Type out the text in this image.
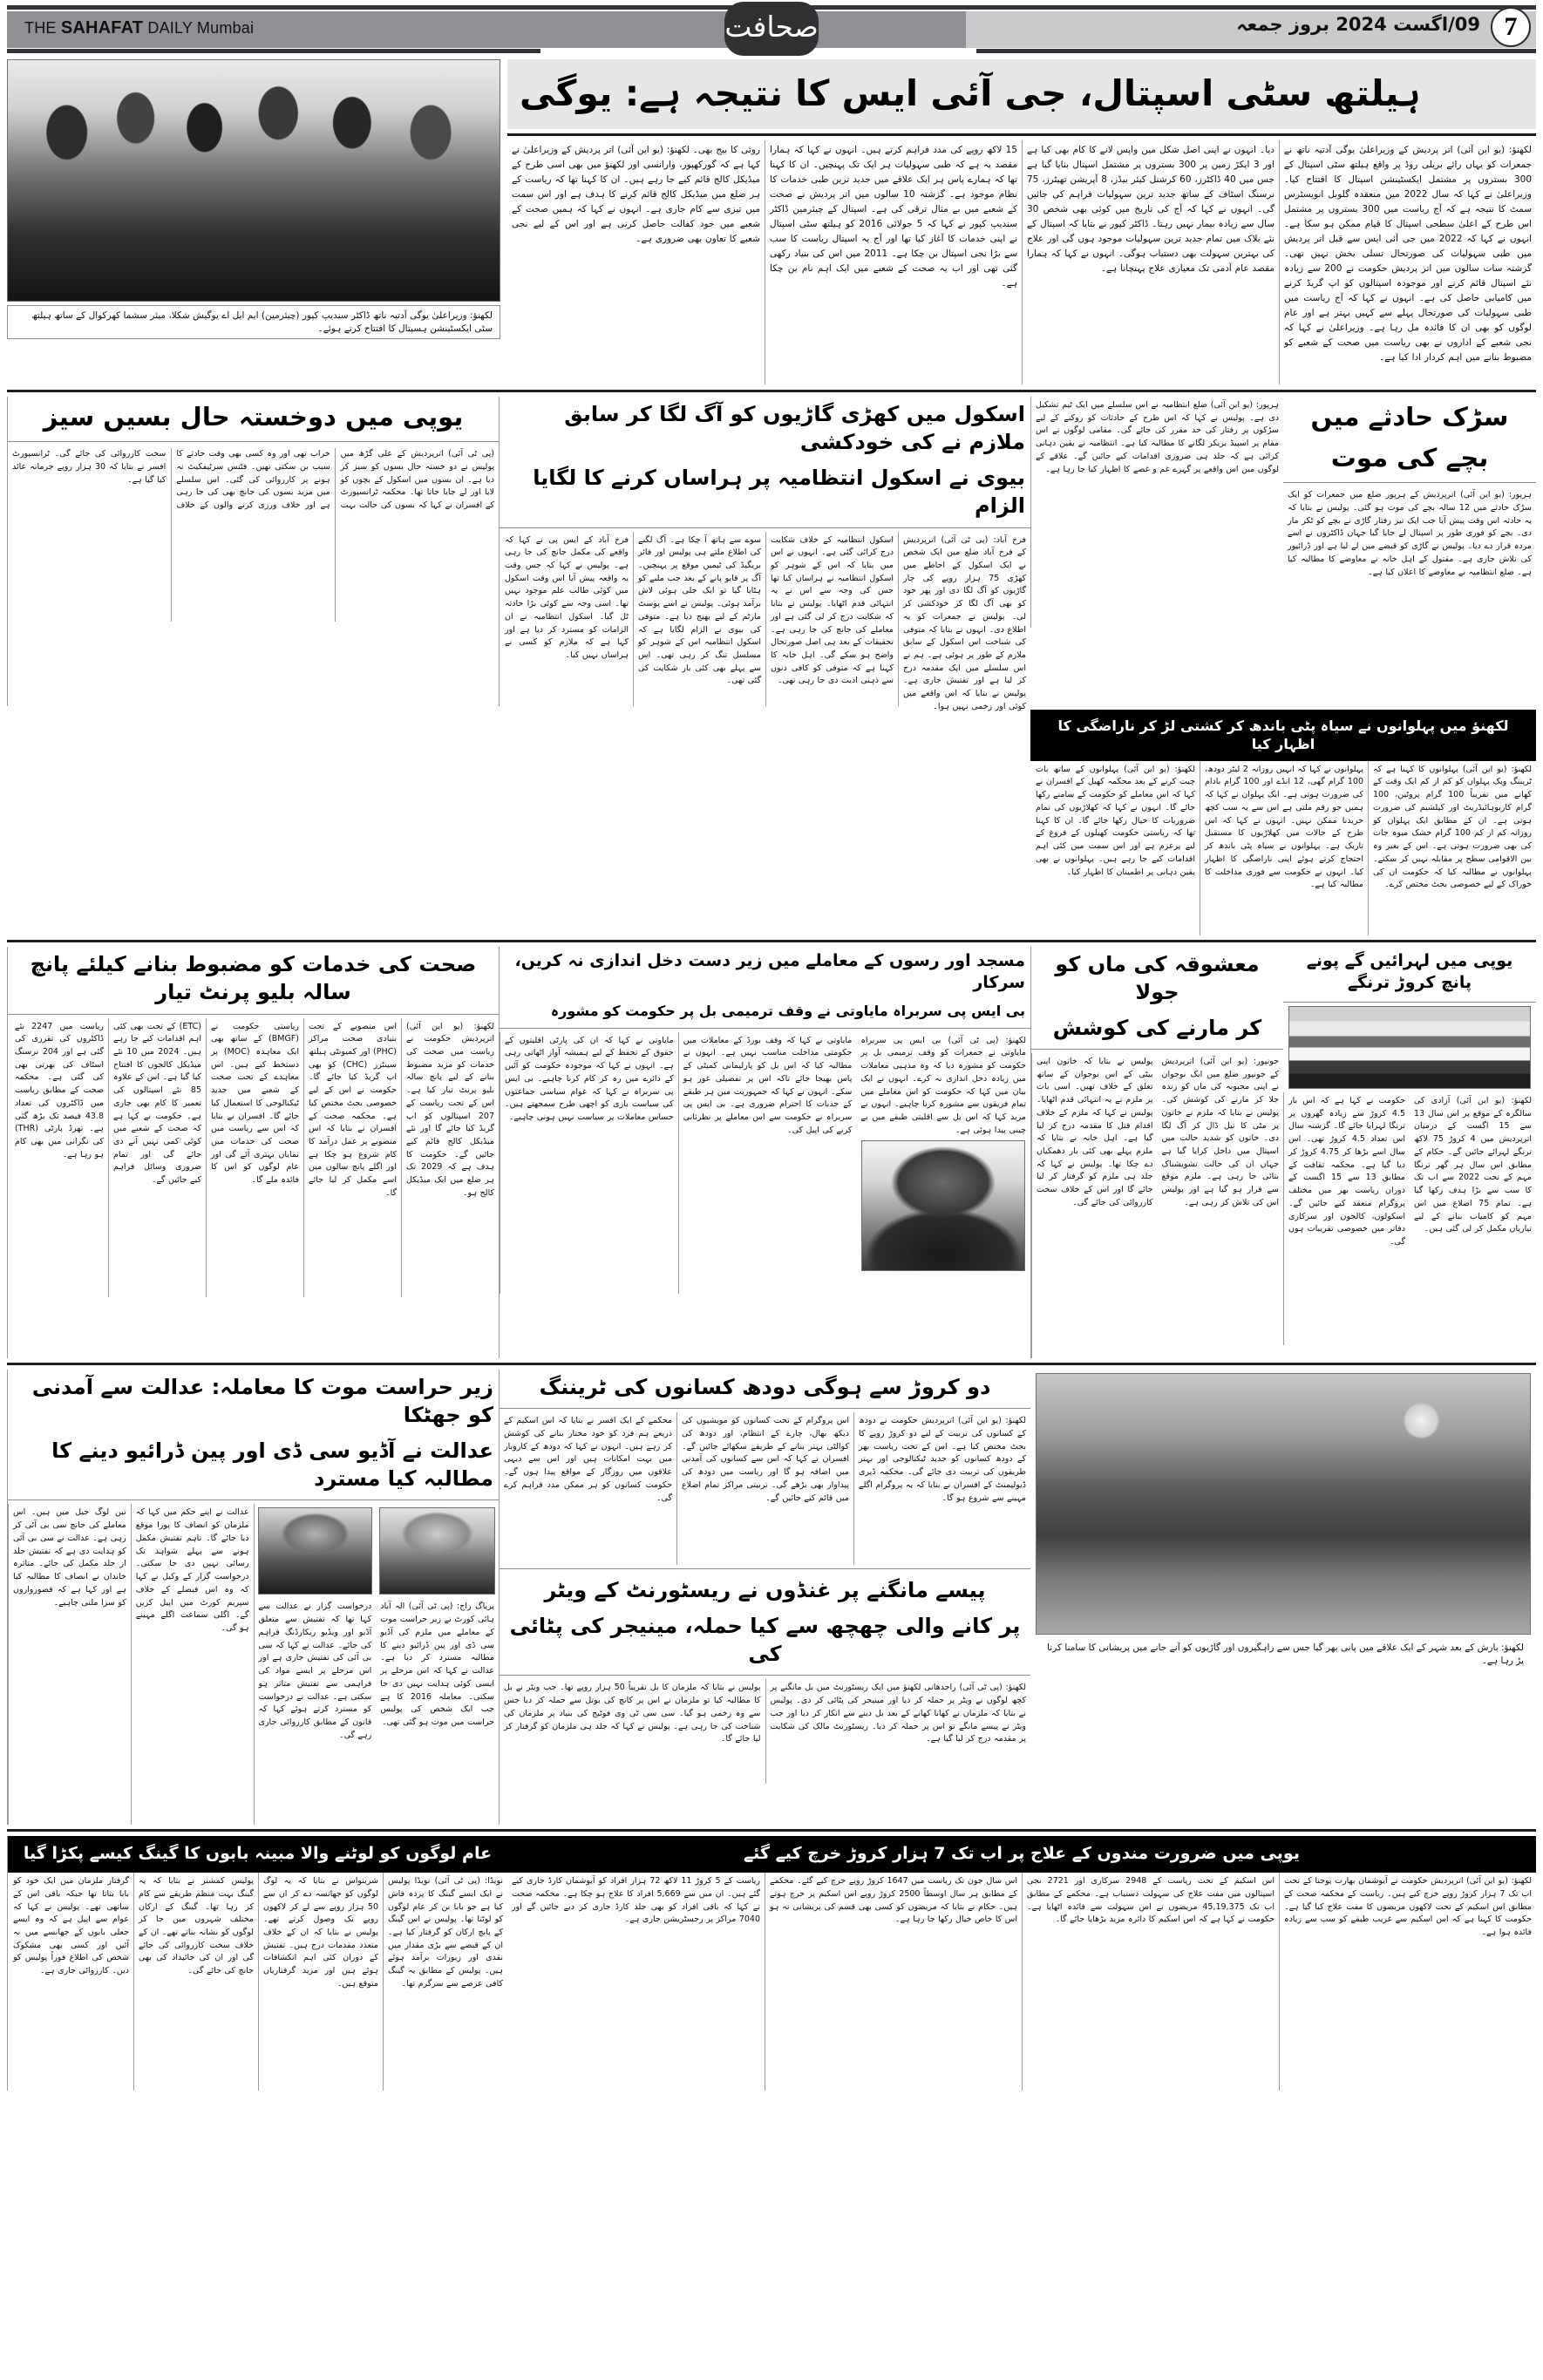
7
09/اگست 2024 بروز جمعہ
صحافت
THE SAHAFAT DAILY Mumbai
ہیلتھ سٹی اسپتال، جی آئی ایس کا نتیجہ ہے: یوگی
لکھنؤ: (یو این آئی) اتر پردیش کے وزیراعلیٰ یوگی آدتیہ ناتھ نے جمعرات کو یہاں رائے بریلی روڈ پر واقع ہیلتھ سٹی اسپتال کے 300 بستروں پر مشتمل ایکسٹینشن اسپتال کا افتتاح کیا۔ وزیراعلیٰ نے کہا کہ سال 2022 میں منعقدہ گلوبل انویسٹرس سمٹ کا نتیجہ ہے کہ آج ریاست میں 300 بستروں پر مشتمل اس طرح کے اعلیٰ سطحی اسپتال کا قیام ممکن ہو سکا ہے۔ انہوں نے کہا کہ 2022 میں جی آئی ایس سے قبل اتر پردیش میں طبی سہولیات کی صورتحال تسلی بخش نہیں تھی۔ گزشتہ سات سالوں میں اتر پردیش حکومت نے 200 سے زیادہ نئے اسپتال قائم کرنے اور موجودہ اسپتالوں کو اپ گریڈ کرنے میں کامیابی حاصل کی ہے۔ انہوں نے کہا کہ آج ریاست میں طبی سہولیات کی صورتحال پہلے سے کہیں بہتر ہے اور عام لوگوں کو بھی ان کا فائدہ مل رہا ہے۔ وزیراعلیٰ نے کہا کہ نجی شعبے کے اداروں نے بھی ریاست میں صحت کے شعبے کو مضبوط بنانے میں اہم کردار ادا کیا ہے۔
دیا۔ انہوں نے اپنی اصل شکل میں واپس لانے کا کام بھی کیا ہے اور 3 ایکڑ زمین پر 300 بستروں پر مشتمل اسپتال بنایا گیا ہے جس میں 40 ڈاکٹرز، 60 کرشنل کیئر بیڈز، 8 آپریشن تھیٹرز، 75 نرسنگ اسٹاف کے ساتھ جدید ترین سہولیات فراہم کی جائیں گی۔ انہوں نے کہا کہ آج کی تاریخ میں کوئی بھی شخص 30 سال سے زیادہ بیمار نہیں رہتا۔ ڈاکٹر کپور نے بتایا کہ اسپتال کے نئے بلاک میں تمام جدید ترین سہولیات موجود ہوں گی اور علاج کی بہترین سہولت بھی دستیاب ہوگی۔ انہوں نے کہا کہ ہمارا مقصد عام آدمی تک معیاری علاج پہنچانا ہے۔
15 لاکھ روپے کی مدد فراہم کرتے ہیں۔ انہوں نے کہا کہ ہمارا مقصد یہ ہے کہ طبی سہولیات ہر ایک تک پہنچیں۔ ان کا کہنا تھا کہ ہمارے پاس ہر ایک علاقے میں جدید ترین طبی خدمات کا نظام موجود ہے۔ گزشتہ 10 سالوں میں اتر پردیش نے صحت کے شعبے میں بے مثال ترقی کی ہے۔ اسپتال کے چیئرمین ڈاکٹر سندیپ کپور نے کہا کہ 5 جولائی 2016 کو ہیلتھ سٹی اسپتال نے اپنی خدمات کا آغاز کیا تھا اور آج یہ اسپتال ریاست کا سب سے بڑا نجی اسپتال بن چکا ہے۔ 2011 میں اس کی بنیاد رکھی گئی تھی اور اب یہ صحت کے شعبے میں ایک اہم نام بن چکا ہے۔
روئی کا بیج بھی۔ لکھنؤ: (یو این آئی) اتر پردیش کے وزیراعلیٰ نے کہا ہے کہ گورکھپور، وارانسی اور لکھنؤ میں بھی اسی طرح کے میڈیکل کالج قائم کیے جا رہے ہیں۔ ان کا کہنا تھا کہ ریاست کے ہر ضلع میں میڈیکل کالج قائم کرنے کا ہدف ہے اور اس سمت میں تیزی سے کام جاری ہے۔ انہوں نے کہا کہ ہمیں صحت کے شعبے میں خود کفالت حاصل کرنی ہے اور اس کے لیے نجی شعبے کا تعاون بھی ضروری ہے۔
لکھنؤ: وزیراعلیٰ یوگی آدتیہ ناتھ ڈاکٹر سندیپ کپور (چیئرمین) ایم ایل اے یوگیش شکلا، میئر سشما کھرکوال کے ساتھ ہیلتھ سٹی ایکسٹینشن ہسپتال کا افتتاح کرتے ہوئے۔
سڑک حادثے میں
بچے کی موت
ہرپور: (یو این آئی) اترپردیش کے ہرپور ضلع میں جمعرات کو ایک سڑک حادثے میں 12 سالہ بچے کی موت ہو گئی۔ پولیس نے بتایا کہ یہ حادثہ اس وقت پیش آیا جب ایک تیز رفتار گاڑی نے بچے کو ٹکر مار دی۔ بچے کو فوری طور پر اسپتال لے جایا گیا جہاں ڈاکٹروں نے اسے مردہ قرار دے دیا۔ پولیس نے گاڑی کو قبضے میں لے لیا ہے اور ڈرائیور کی تلاش جاری ہے۔ مقتول کے اہل خانہ نے معاوضے کا مطالبہ کیا ہے۔ ضلع انتظامیہ نے معاوضے کا اعلان کیا ہے۔
ہرپور: (یو این آئی) ضلع انتظامیہ نے اس سلسلے میں ایک ٹیم تشکیل دی ہے۔ پولیس نے کہا کہ اس طرح کے حادثات کو روکنے کے لیے سڑکوں پر رفتار کی حد مقرر کی جائے گی۔ مقامی لوگوں نے اس مقام پر اسپیڈ بریکر لگانے کا مطالبہ کیا ہے۔ انتظامیہ نے یقین دہانی کرائی ہے کہ جلد ہی ضروری اقدامات کیے جائیں گے۔ علاقے کے لوگوں میں اس واقعے پر گہرے غم و غصے کا اظہار کیا جا رہا ہے۔
اسکول میں کھڑی گاڑیوں کو آگ لگا کر سابق ملازم نے کی خودکشی
بیوی نے اسکول انتظامیہ پر ہراساں کرنے کا لگایا الزام
فرخ آباد: (پی ٹی آئی) اترپردیش کے فرخ آباد ضلع میں ایک شخص نے ایک اسکول کے احاطے میں کھڑی 75 ہزار روپے کی چار گاڑیوں کو آگ لگا دی اور پھر خود کو بھی آگ لگا کر خودکشی کر لی۔ پولیس نے جمعرات کو یہ اطلاع دی۔ انہوں نے بتایا کہ متوفی کی شناخت اس اسکول کے سابق ملازم کے طور پر ہوئی ہے۔ ہم نے اس سلسلے میں ایک مقدمہ درج کر لیا ہے اور تفتیش جاری ہے۔ پولیس نے بتایا کہ اس واقعے میں کوئی اور زخمی نہیں ہوا۔
اسکول انتظامیہ کے خلاف شکایت درج کرائی گئی ہے۔ انہوں نے اس میں بتایا کہ اس کے شوہر کو اسکول انتظامیہ نے ہراساں کیا تھا جس کی وجہ سے اس نے یہ انتہائی قدم اٹھایا۔ پولیس نے بتایا کہ شکایت درج کر لی گئی ہے اور معاملے کی جانچ کی جا رہی ہے۔ تحقیقات کے بعد ہی اصل صورتحال واضح ہو سکے گی۔ اہل خانہ کا کہنا ہے کہ متوفی کو کافی دنوں سے ذہنی اذیت دی جا رہی تھی۔
سوے سے ہاتھ آ چکا ہے۔ آگ لگنے کی اطلاع ملتے ہی پولیس اور فائر بریگیڈ کی ٹیمیں موقع پر پہنچیں۔ آگ پر قابو پانے کے بعد جب ملبے کو ہٹایا گیا تو ایک جلی ہوئی لاش برآمد ہوئی۔ پولیس نے اسے پوسٹ مارٹم کے لیے بھیج دیا ہے۔ متوفی کی بیوی نے الزام لگایا ہے کہ اسکول انتظامیہ اس کے شوہر کو مسلسل تنگ کر رہی تھی۔ اس سے پہلے بھی کئی بار شکایت کی گئی تھی۔
فرخ آباد کے ایس پی نے کہا کہ واقعے کی مکمل جانچ کی جا رہی ہے۔ پولیس نے کہا کہ جس وقت یہ واقعہ پیش آیا اس وقت اسکول میں کوئی طالب علم موجود نہیں تھا۔ اسی وجہ سے کوئی بڑا حادثہ ٹل گیا۔ اسکول انتظامیہ نے ان الزامات کو مسترد کر دیا ہے اور کہا ہے کہ ملازم کو کسی نے ہراساں نہیں کیا۔
یوپی میں دوخستہ حال بسیں سیز
(پی ٹی آئی) اترپردیش کے علی گڑھ میں پولیس نے دو خستہ حال بسوں کو سیز کر دیا ہے۔ ان بسوں میں اسکول کے بچوں کو لایا اور لے جایا جاتا تھا۔ محکمہ ٹرانسپورٹ کے افسران نے کہا کہ بسوں کی حالت بہت خراب تھی اور وہ کسی بھی وقت حادثے کا سبب بن سکتی تھیں۔ فٹنس سرٹیفکیٹ نہ ہونے پر کارروائی کی گئی۔ اس سلسلے میں مزید بسوں کی جانچ بھی کی جا رہی ہے اور خلاف ورزی کرنے والوں کے خلاف سخت کارروائی کی جائے گی۔ ٹرانسپورٹ افسر نے بتایا کہ 30 ہزار روپے جرمانہ عائد کیا گیا ہے۔
لکھنؤ میں پہلوانوں نے سیاہ پٹی باندھ کر کشتی لڑ کر ناراضگی کا اظہار کیا
لکھنؤ: (یو این آئی) پہلوانوں کا کہنا ہے کہ ٹریننگ ویک پہلوان کو کم از کم ایک وقت کے کھانے میں تقریباً 100 گرام پروٹین، 100 گرام کاربوہائیڈریٹ اور کیلشیم کی ضرورت ہوتی ہے۔ ان کے مطابق ایک پہلوان کو روزانہ کم از کم 100 گرام خشک میوہ جات کی بھی ضرورت ہوتی ہے۔ اس کے بغیر وہ بین الاقوامی سطح پر مقابلہ نہیں کر سکتے۔ پہلوانوں نے مطالبہ کیا کہ حکومت ان کی خوراک کے لیے خصوصی بجٹ مختص کرے۔
پہلوانوں نے کہا کہ انہیں روزانہ 2 لیٹر دودھ، 100 گرام گھی، 12 انڈے اور 100 گرام بادام کی ضرورت ہوتی ہے۔ ایک پہلوان نے کہا کہ ہمیں جو رقم ملتی ہے اس سے یہ سب کچھ خریدنا ممکن نہیں۔ انہوں نے کہا کہ اس طرح کے حالات میں کھلاڑیوں کا مستقبل تاریک ہے۔ پہلوانوں نے سیاہ پٹی باندھ کر احتجاج کرتے ہوئے اپنی ناراضگی کا اظہار کیا۔ انہوں نے حکومت سے فوری مداخلت کا مطالبہ کیا ہے۔
لکھنؤ: (یو این آئی) پہلوانوں کے ساتھ بات چیت کرنے کے بعد محکمہ کھیل کے افسران نے کہا کہ اس معاملے کو حکومت کے سامنے رکھا جائے گا۔ انہوں نے کہا کہ کھلاڑیوں کی تمام ضروریات کا خیال رکھا جائے گا۔ ان کا کہنا تھا کہ ریاستی حکومت کھیلوں کے فروغ کے لیے پرعزم ہے اور اس سمت میں کئی اہم اقدامات کیے جا رہے ہیں۔ پہلوانوں نے بھی یقین دہانی پر اطمینان کا اظہار کیا۔
یوپی میں لہرائیں گے پونے پانچ کروڑ ترنگے
لکھنؤ: (یو این آئی) آزادی کی سالگرہ کے موقع پر اس سال 13 سے 15 اگست کے درمیان اترپردیش میں 4 کروڑ 75 لاکھ ترنگے لہرائے جائیں گے۔ حکام کے مطابق اس سال ہر گھر ترنگا مہم کے تحت 2022 سے اب تک کا سب سے بڑا ہدف رکھا گیا ہے۔ تمام 75 اضلاع میں اس مہم کو کامیاب بنانے کے لیے تیاریاں مکمل کر لی گئی ہیں۔
حکومت نے کہا ہے کہ اس بار 4.5 کروڑ سے زیادہ گھروں پر ترنگا لہرایا جائے گا۔ گزشتہ سال اس تعداد 4.5 کروڑ تھی۔ اس سال اسے بڑھا کر 4.75 کروڑ کر دیا گیا ہے۔ محکمہ ثقافت کے مطابق 13 سے 15 اگست کے دوران ریاست بھر میں مختلف پروگرام منعقد کیے جائیں گے۔ اسکولوں، کالجوں اور سرکاری دفاتر میں خصوصی تقریبات ہوں گی۔
معشوقہ کی ماں کو جولا
کر مارنے کی کوشش
جونپور: (یو این آئی) اترپردیش کے جونپور ضلع میں ایک نوجوان نے اپنی محبوبہ کی ماں کو زندہ جلا کر مارنے کی کوشش کی۔ پولیس نے بتایا کہ ملزم نے خاتون پر مٹی کا تیل ڈال کر آگ لگا دی۔ خاتون کو شدید حالت میں اسپتال میں داخل کرایا گیا ہے جہاں ان کی حالت تشویشناک بتائی جا رہی ہے۔ ملزم موقع سے فرار ہو گیا ہے اور پولیس اس کی تلاش کر رہی ہے۔
پولیس نے بتایا کہ خاتون اپنی بیٹی کے اس نوجوان کے ساتھ تعلق کے خلاف تھیں۔ اسی بات پر ملزم نے یہ انتہائی قدم اٹھایا۔ پولیس نے کہا کہ ملزم کے خلاف اقدام قتل کا مقدمہ درج کر لیا گیا ہے۔ اہل خانہ نے بتایا کہ ملزم پہلے بھی کئی بار دھمکیاں دے چکا تھا۔ پولیس نے کہا کہ جلد ہی ملزم کو گرفتار کر لیا جائے گا اور اس کے خلاف سخت کارروائی کی جائے گی۔
مسجد اور رسوں کے معاملے میں زیر دست دخل اندازی نہ کریں، سرکار
بی ایس پی سربراہ مایاوتی نے وقف ترمیمی بل پر حکومت کو مشورہ
لکھنؤ: (پی ٹی آئی) بی ایس پی سربراہ مایاوتی نے جمعرات کو وقف ترمیمی بل پر حکومت کو مشورہ دیا کہ وہ مذہبی معاملات میں زیادہ دخل اندازی نہ کرے۔ انہوں نے ایک بیان میں کہا کہ حکومت کو اس معاملے میں تمام فریقوں سے مشورہ کرنا چاہیے۔ انہوں نے مزید کہا کہ اس بل سے اقلیتی طبقے میں بے چینی پیدا ہوئی ہے۔
مایاوتی نے کہا کہ وقف بورڈ کے معاملات میں حکومتی مداخلت مناسب نہیں ہے۔ انہوں نے مطالبہ کیا کہ اس بل کو پارلیمانی کمیٹی کے پاس بھیجا جائے تاکہ اس پر تفصیلی غور ہو سکے۔ انہوں نے کہا کہ جمہوریت میں ہر طبقے کے جذبات کا احترام ضروری ہے۔ بی ایس پی سربراہ نے حکومت سے اس معاملے پر نظرثانی کرنے کی اپیل کی۔
مایاوتی نے کہا کہ ان کی پارٹی اقلیتوں کے حقوق کے تحفظ کے لیے ہمیشہ آواز اٹھاتی رہی ہے۔ انہوں نے کہا کہ موجودہ حکومت کو آئین کے دائرے میں رہ کر کام کرنا چاہیے۔ بی ایس پی سربراہ نے کہا کہ عوام سیاسی جماعتوں کی سیاست بازی کو اچھی طرح سمجھتے ہیں۔ حساس معاملات پر سیاست نہیں ہونی چاہیے۔
صحت کی خدمات کو مضبوط بنانے کیلئے پانچ سالہ بلیو پرنٹ تیار
لکھنؤ: (یو این آئی) اترپردیش حکومت نے ریاست میں صحت کی خدمات کو مزید مضبوط بنانے کے لیے پانچ سالہ بلیو پرنٹ تیار کیا ہے۔ اس کے تحت ریاست کے 207 اسپتالوں کو اپ گریڈ کیا جائے گا اور نئے میڈیکل کالج قائم کیے جائیں گے۔ حکومت کا ہدف ہے کہ 2029 تک ہر ضلع میں ایک میڈیکل کالج ہو۔
اس منصوبے کے تحت بنیادی صحت مراکز (PHC) اور کمیونٹی ہیلتھ سینٹرز (CHC) کو بھی اپ گریڈ کیا جائے گا۔ حکومت نے اس کے لیے خصوصی بجٹ مختص کیا ہے۔ محکمہ صحت کے افسران نے بتایا کہ اس منصوبے پر عمل درآمد کا کام شروع ہو چکا ہے اور اگلے پانچ سالوں میں اسے مکمل کر لیا جائے گا۔
ریاستی حکومت نے (BMGF) کے ساتھ بھی ایک معاہدہ (MOC) پر دستخط کیے ہیں۔ اس معاہدے کے تحت صحت کے شعبے میں جدید ٹیکنالوجی کا استعمال کیا جائے گا۔ افسران نے بتایا کہ اس سے ریاست میں صحت کی خدمات میں نمایاں بہتری آئے گی اور عام لوگوں کو اس کا فائدہ ملے گا۔
(ETC) کے تحت بھی کئی اہم اقدامات کیے جا رہے ہیں۔ 2024 میں 10 نئے میڈیکل کالجوں کا افتتاح کیا گیا ہے۔ اس کے علاوہ 85 نئے اسپتالوں کی تعمیر کا کام بھی جاری ہے۔ حکومت نے کہا ہے کہ صحت کے شعبے میں کوئی کمی نہیں آنے دی جائے گی اور تمام ضروری وسائل فراہم کیے جائیں گے۔
ریاست میں 2247 نئے ڈاکٹروں کی تقرری کی گئی ہے اور 204 نرسنگ اسٹاف کی بھرتی بھی کی گئی ہے۔ محکمہ صحت کے مطابق ریاست میں ڈاکٹروں کی تعداد 43.8 فیصد تک بڑھ گئی ہے۔ تھرڈ پارٹی (THR) کی نگرانی میں بھی کام ہو رہا ہے۔
لکھنؤ: بارش کے بعد شہر کے ایک علاقے میں پانی بھر گیا جس سے راہگیروں اور گاڑیوں کو آنے جانے میں پریشانی کا سامنا کرنا پڑ رہا ہے۔
دو کروڑ سے ہوگی دودھ کسانوں کی ٹریننگ
لکھنؤ: (یو این آئی) اترپردیش حکومت نے دودھ کے کسانوں کی تربیت کے لیے دو کروڑ روپے کا بجٹ مختص کیا ہے۔ اس کے تحت ریاست بھر کے دودھ کسانوں کو جدید ٹیکنالوجی اور بہتر طریقوں کی تربیت دی جائے گی۔ محکمہ ڈیری ڈیولپمنٹ کے افسران نے بتایا کہ یہ پروگرام اگلے مہینے سے شروع ہو گا۔
اس پروگرام کے تحت کسانوں کو مویشیوں کی دیکھ بھال، چارے کے انتظام، اور دودھ کی کوالٹی بہتر بنانے کے طریقے سکھائے جائیں گے۔ افسران نے کہا کہ اس سے کسانوں کی آمدنی میں اضافہ ہو گا اور ریاست میں دودھ کی پیداوار بھی بڑھے گی۔ تربیتی مراکز تمام اضلاع میں قائم کیے جائیں گے۔
محکمے کے ایک افسر نے بتایا کہ اس اسکیم کے ذریعے ہم فرد کو خود مختار بنانے کی کوشش کر رہے ہیں۔ انہوں نے کہا کہ دودھ کے کاروبار میں بہت امکانات ہیں اور اس سے دیہی علاقوں میں روزگار کے مواقع پیدا ہوں گے۔ حکومت کسانوں کو ہر ممکن مدد فراہم کرے گی۔
پیسے مانگنے پر غنڈوں نے ریسٹورنٹ کے ویٹر
پر کانے والی چھچھ سے کیا حملہ، مینیجر کی پٹائی کی
لکھنؤ: (پی ٹی آئی) راجدھانی لکھنؤ میں ایک ریسٹورنٹ میں بل مانگنے پر کچھ لوگوں نے ویٹر پر حملہ کر دیا اور مینیجر کی پٹائی کر دی۔ پولیس نے بتایا کہ ملزمان نے کھانا کھانے کے بعد بل دینے سے انکار کر دیا اور جب ویٹر نے پیسے مانگے تو اس پر حملہ کر دیا۔ ریسٹورنٹ مالک کی شکایت پر مقدمہ درج کر لیا گیا ہے۔
پولیس نے بتایا کہ ملزمان کا بل تقریباً 50 ہزار روپے تھا۔ جب ویٹر نے بل کا مطالبہ کیا تو ملزمان نے اس پر کانچ کی بوتل سے حملہ کر دیا جس سے وہ زخمی ہو گیا۔ سی سی ٹی وی فوٹیج کی بنیاد پر ملزمان کی شناخت کی جا رہی ہے۔ پولیس نے کہا کہ جلد ہی ملزمان کو گرفتار کر لیا جائے گا۔
زیر حراست موت کا معاملہ: عدالت سے آمدنی کو جھٹکا
عدالت نے آڈیو سی ڈی اور پین ڈرائیو دینے کا مطالبہ کیا مسترد
پریاگ راج: (پی ٹی آئی) الہ آباد ہائی کورٹ نے زیر حراست موت کے معاملے میں ملزم کی آڈیو سی ڈی اور پین ڈرائیو دینے کا مطالبہ مسترد کر دیا ہے۔ عدالت نے کہا کہ اس مرحلے پر ایسی کوئی ہدایت نہیں دی جا سکتی۔ معاملہ 2016 کا ہے جب ایک شخص کی پولیس حراست میں موت ہو گئی تھی۔
درخواست گزار نے عدالت سے کہا تھا کہ تفتیش سے متعلق آڈیو اور ویڈیو ریکارڈنگ فراہم کی جائے۔ عدالت نے کہا کہ سی بی آئی کی تفتیش جاری ہے اور اس مرحلے پر ایسے مواد کی فراہمی سے تفتیش متاثر ہو سکتی ہے۔ عدالت نے درخواست کو مسترد کرتے ہوئے کہا کہ قانون کے مطابق کارروائی جاری رہے گی۔
عدالت نے اپنے حکم میں کہا کہ ملزمان کو انصاف کا پورا موقع دیا جائے گا۔ تاہم تفتیش مکمل ہونے سے پہلے شواہد تک رسائی نہیں دی جا سکتی۔ درخواست گزار کے وکیل نے کہا کہ وہ اس فیصلے کے خلاف سپریم کورٹ میں اپیل کریں گے۔ اگلی سماعت اگلے مہینے ہو گی۔
تین لوگ جیل میں ہیں۔ اس معاملے کی جانچ سی بی آئی کر رہی ہے۔ عدالت نے سی بی آئی کو ہدایت دی ہے کہ تفتیش جلد از جلد مکمل کی جائے۔ متاثرہ خاندان نے انصاف کا مطالبہ کیا ہے اور کہا ہے کہ قصورواروں کو سزا ملنی چاہیے۔
یوپی میں ضرورت مندوں کے علاج پر اب تک 7 ہزار کروڑ خرچ کیے گئے
لکھنؤ: (یو این آئی) اترپردیش حکومت نے آیوشمان بھارت یوجنا کے تحت اب تک 7 ہزار کروڑ روپے خرچ کیے ہیں۔ ریاست کے محکمہ صحت کے مطابق اس اسکیم کے تحت لاکھوں مریضوں کا مفت علاج کیا گیا ہے۔ حکومت کا کہنا ہے کہ اس اسکیم سے غریب طبقے کو سب سے زیادہ فائدہ ہوا ہے۔
اس اسکیم کے تحت ریاست کے 2948 سرکاری اور 2721 نجی اسپتالوں میں مفت علاج کی سہولت دستیاب ہے۔ محکمے کے مطابق اب تک 45,19,375 مریضوں نے اس سہولت سے فائدہ اٹھایا ہے۔ حکومت نے کہا ہے کہ اس اسکیم کا دائرہ مزید بڑھایا جائے گا۔
اس سال جون تک ریاست میں 1647 کروڑ روپے خرچ کیے گئے۔ محکمے کے مطابق ہر سال اوسطاً 2500 کروڑ روپے اس اسکیم پر خرچ ہوتے ہیں۔ حکام نے بتایا کہ مریضوں کو کسی بھی قسم کی پریشانی نہ ہو اس کا خاص خیال رکھا جا رہا ہے۔
ریاست کے 5 کروڑ 11 لاکھ 72 ہزار افراد کو آیوشمان کارڈ جاری کیے گئے ہیں۔ ان میں سے 5,669 افراد کا علاج ہو چکا ہے۔ محکمہ صحت نے کہا کہ باقی افراد کو بھی جلد کارڈ جاری کر دیے جائیں گے اور 7040 مراکز پر رجسٹریشن جاری ہے۔
عام لوگوں کو لوٹنے والا مبینہ بابوں کا گینگ کیسے پکڑا گیا
نویڈا: (پی ٹی آئی) نویڈا پولیس نے ایک ایسے گینگ کا پردہ فاش کیا ہے جو بابا بن کر عام لوگوں کو لوٹتا تھا۔ پولیس نے اس گینگ کے پانچ ارکان کو گرفتار کیا ہے۔ ان کے قبضے سے بڑی مقدار میں نقدی اور زیورات برآمد ہوئے ہیں۔ پولیس کے مطابق یہ گینگ کافی عرصے سے سرگرم تھا۔
شرینواس نے بتایا کہ یہ لوگ لوگوں کو جھانسہ دے کر ان سے 50 ہزار روپے سے لے کر لاکھوں روپے تک وصول کرتے تھے۔ پولیس نے بتایا کہ ان کے خلاف متعدد مقدمات درج ہیں۔ تفتیش کے دوران کئی اہم انکشافات ہوئے ہیں اور مزید گرفتاریاں متوقع ہیں۔
پولیس کمشنر نے بتایا کہ یہ گینگ بہت منظم طریقے سے کام کر رہا تھا۔ گینگ کے ارکان مختلف شہروں میں جا کر لوگوں کو نشانہ بناتے تھے۔ ان کے خلاف سخت کارروائی کی جائے گی اور ان کی جائیداد کی بھی جانچ کی جائے گی۔
گرفتار ملزمان میں ایک خود کو بابا بتاتا تھا جبکہ باقی اس کے ساتھی تھے۔ پولیس نے کہا کہ عوام سے اپیل ہے کہ وہ ایسے جعلی بابوں کے جھانسے میں نہ آئیں اور کسی بھی مشکوک شخص کی اطلاع فوراً پولیس کو دیں۔ کارروائی جاری ہے۔
